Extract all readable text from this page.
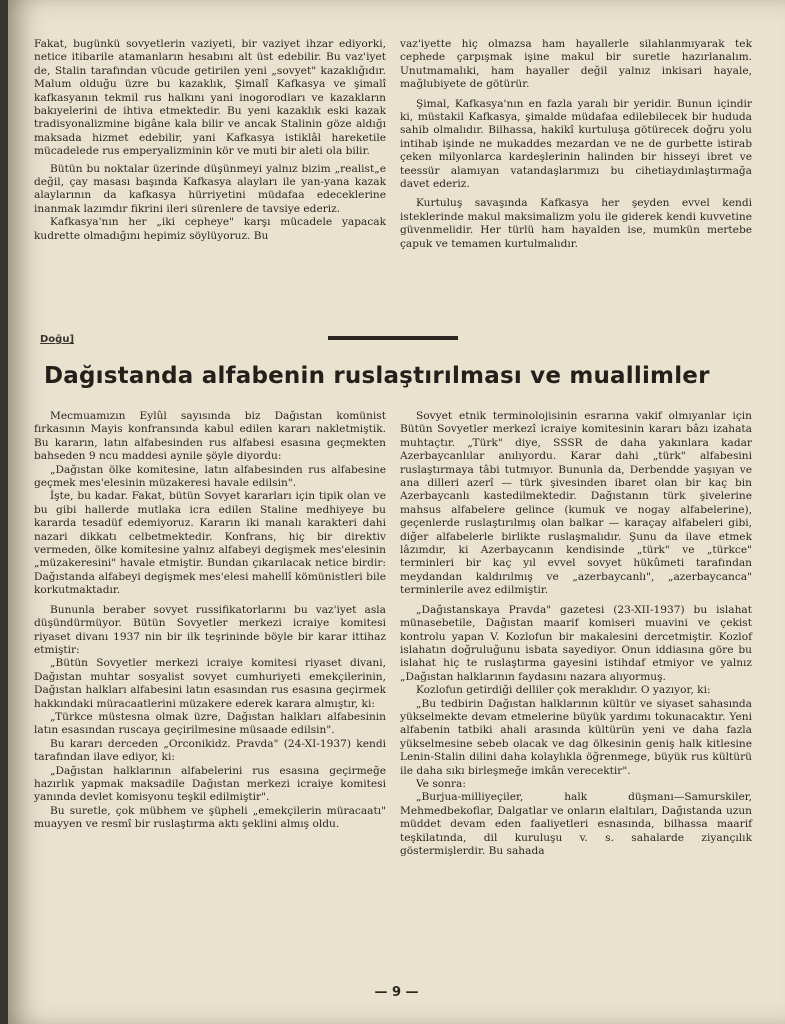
Fakat, bugünkü sovyetlerin vaziyeti, bir vaziyet ihzar ediyorki, netice itibarile atamanların hesabını alt üst edebilir. Bu vaz'iyet de, Stalin tarafından vücude getirilen yeni „sovyet" kazaklığıdır. Malum olduğu üzre bu kazaklık, Şimalî Kafkasya ve şimalî kafkasyanın tekmil rus halkını yani inogorodları ve kazakların bakıyelerini de ihtiva etmektedir. Bu yeni kazaklık eski kazak tradisyonalizmine bigâne kala bilir ve ancak Stalinin göze aldığı maksada hizmet edebilir, yani Kafkasya istiklâl hareketile mücadelede rus emperyalizminin kör ve muti bir aleti ola bilir.

Bütün bu noktalar üzerinde düşünmeyi yalnız bizim „realist„e değil, çay masası başında Kafkasya alayları ile yan-yana kazak alaylarının da kafkasya hürriyetini müdafaa edeceklerine inanmak lazımdır fikrini ileri sürenlere de tavsiye ederiz.

Kafkasya'nın her „iki cepheye" karşı mücadele yapacak kudrette olmadığını hepimiz söylüyoruz. Bu

vaz'iyette hiç olmazsa ham hayallerle silahlanmıyarak tek cephede çarpışmak işine makul bir suretle hazırlanalım. Unutmamalıki, ham hayaller değil yalnız inkisari hayale, mağlubiyete de götürür.

Şimal, Kafkasya'nın en fazla yaralı bir yeridir. Bunun içindir ki, müstakil Kafkasya, şimalde müdafaa edilebilecek bir hududa sahib olmalıdır. Bilhassa, hakikî kurtuluşa götürecek doğru yolu intihab işinde ne mukaddes mezardan ve ne de gurbette istirab çeken milyonlarca kardeşlerinin halinden bir hisseyi ibret ve teessür alamıyan vatandaşlarımızı bu cihetiaydınlaştırmağa davet ederiz.

Kurtuluş savaşında Kafkasya her şeyden evvel kendi isteklerinde makul maksimalizm yolu ile giderek kendi kuvvetine güvenmelidir. Her türlü ham hayalden ise, mumkün mertebe çapuk ve temamen kurtulmalıdır.

Doğu]
Dağıstanda alfabenin ruslaştırılması ve muallimler

Mecmuamızın Eylûl sayısında biz Dağıstan komünist fırkasının Mayis konfransında kabul edilen kararı nakletmiştik. Bu kararın, latın alfabesinden rus alfabesi esasına geçmekten bahseden 9 ncu maddesi aynile şöyle diyordu:

„Dağıstan ölke komitesine, latın alfabesinden rus alfabesine geçmek mes'elesinin müzakeresi havale edilsin".

İşte, bu kadar. Fakat, bütün Sovyet kararları için tipik olan ve bu gibi hallerde mutlaka icra edilen Staline medhiyeye bu kararda tesadüf edemiyoruz. Kararın iki manalı karakteri dahi nazari dikkatı celbetmektedir. Konfrans, hiç bir direktiv vermeden, ölke komitesine yalnız alfabeyi degişmek mes'elesinin „müzakeresini" havale etmiştir. Bundan çıkarılacak netice birdir: Dağıstanda alfabeyi degişmek mes'elesi mahellî kömünistleri bile korkutmaktadır.

Bununla beraber sovyet russifikatorlarını bu vaz'iyet asla düşündürmüyor. Bütün Sovyetler merkezi icraiye komitesi riyaset divanı 1937 nin bir ilk teşrininde böyle bir karar ittihaz etmiştir:

„Bütün Sovyetler merkezi icraiye komitesi riyaset divani, Dağıstan muhtar sosyalist sovyet cumhuriyeti emekçilerinin, Dağıstan halkları alfabesini latın esasından rus esasına geçirmek hakkındaki müracaatlerini müzakere ederek karara almıştır, ki:

„Türkce müstesna olmak üzre, Dağıstan halkları alfabesinin latın esasından ruscaya geçirilmesine müsaade edilsin".

Bu kararı derceden „Orconikidz. Pravda" (24-XI-1937) kendi tarafından ilave ediyor, ki:

„Dağıstan halklarının alfabelerini rus esasına geçirmeğe hazırlık yapmak maksadile Dağıstan merkezi icraiye komitesi yanında devlet komisyonu teşkil edilmiştir".

Bu suretle, çok mübhem ve şüpheli „emekçilerin müracaatı" muayyen ve resmî bir ruslaştırma aktı şeklini almış oldu.

Sovyet etnik terminolojisinin esrarına vakif olmıyanlar için Bütün Sovyetler merkezî icraiye komitesinin kararı bâzı izahata muhtaçtır. „Türk" diye, SSSR de daha yakınlara kadar Azerbaycanlılar anılıyordu. Karar dahi „türk" alfabesini ruslaştırmaya tâbi tutmıyor. Bununla da, Derbendde yaşıyan ve ana dilleri azerî — türk şivesinden ibaret olan bir kaç bin Azerbaycanlı kastedilmektedir. Dağıstanın türk şivelerine mahsus alfabelere gelince (kumuk ve nogay alfabelerine), geçenlerde ruslaştırılmış olan balkar — karaçay alfabeleri gibi, diğer alfabelerle birlikte ruslaşmalıdır. Şunu da ilave etmek lâzımdır, ki Azerbaycanın kendisinde „türk" ve „türkce" terminleri bir kaç yıl evvel sovyet hükûmeti tarafından meydandan kaldırılmış ve „azerbaycanlı", „azerbaycanca" terminlerile avez edilmiştir.

„Dağıstanskaya Pravda" gazetesi (23-XII-1937) bu islahat münasebetile, Dağıstan maarif komiseri muavini ve çekist kontrolu yapan V. Kozlofun bir makalesini dercetmiştir. Kozlof islahatın doğruluğunu isbata sayediyor. Onun iddiasına göre bu islahat hiç te ruslaştırma gayesini istihdaf etmiyor ve yalnız „Dağıstan halklarının faydasını nazara alıyormuş.

Kozlofun getirdiği delliler çok meraklıdır. O yazıyor, ki:

„Bu tedbirin Dağıstan halklarının kültür ve siyaset sahasında yükselmekte devam etmelerine büyük yardımı tokunacaktır. Yeni alfabenin tatbiki ahali arasında kültürün yeni ve daha fazla yükselmesine sebeb olacak ve dag ölkesinin geniş halk kitlesine Lenin-Stalin dilini daha kolaylıkla öğrenmege, büyük rus kültürü ile daha sıkı birleşmeğe imkân verecektir".

Ve sonra:

„Burjua-milliyeçiler, halk düşmanı—Samurskiler, Mehmedbekoflar, Dalgatlar ve onların elaltıları, Dağıstanda uzun müddet devam eden faaliyetleri esnasında, bilhassa maarif teşkilatında, dil kuruluşu v. s. sahalarde ziyançılık göstermişlerdir. Bu sahada

— 9 —
